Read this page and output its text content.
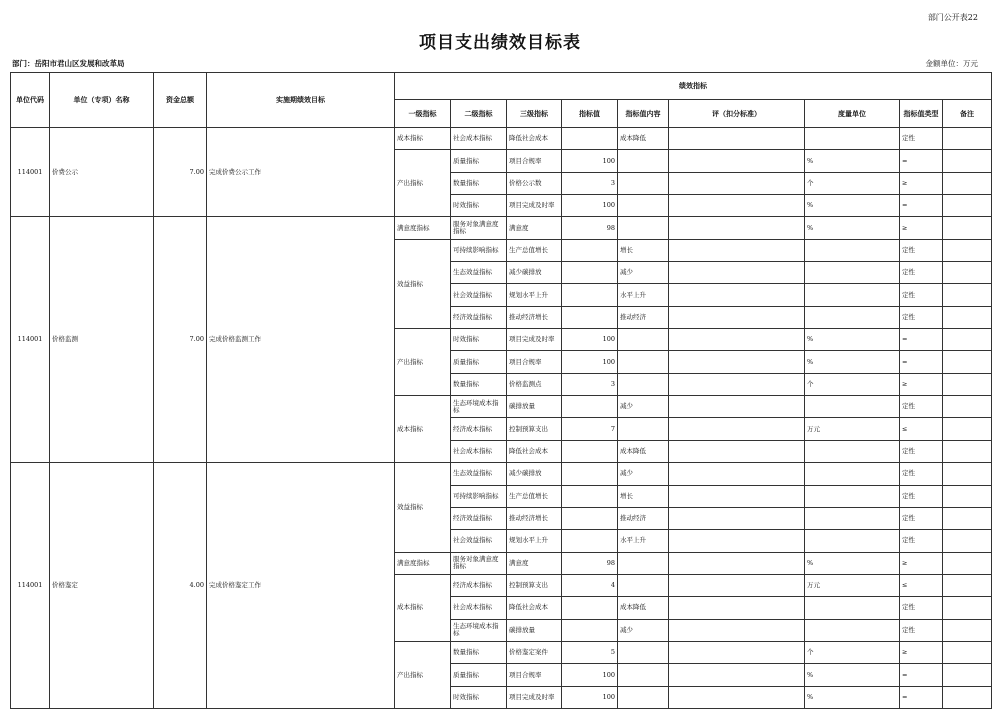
部门公开表22
项目支出绩效目标表
部门：岳阳市君山区发展和改革局	金额单位：万元
单位代码	单位（专项）名称	资金总额	实施期绩效目标	绩效指标								
				一级指标	二级指标	三级指标	指标值	指标值内容	评（扣分标准）	度量单位	指标值类型	备注
114001	价费公示	7.00	完成价费公示工作	成本指标	社会成本指标	降低社会成本		成本降低			定性	
				产出指标	质量指标	项目合规率	100			%	=	
					数量指标	价格公示数	3			个	≥	
					时效指标	项目完成及时率	100			%	=	
114001	价格监测	7.00	完成价格监测工作	满意度指标	服务对象满意度指标	满意度	98			%	≥	
				效益指标	可持续影响指标	生产总值增长		增长			定性	
					生态效益指标	减少碳排放		减少			定性	
					社会效益指标	规划水平上升		水平上升			定性	
					经济效益指标	推动经济增长		推动经济			定性	
				产出指标	时效指标	项目完成及时率	100			%	=	
					质量指标	项目合规率	100			%	=	
					数量指标	价格监测点	3			个	≥	
				成本指标	生态环境成本指标	碳排放量		减少			定性	
					经济成本指标	控制预算支出	7			万元	≤	
					社会成本指标	降低社会成本		成本降低			定性	
114001	价格鉴定	4.00	完成价格鉴定工作	效益指标	生态效益指标	减少碳排放		减少			定性	
					可持续影响指标	生产总值增长		增长			定性	
					经济效益指标	推动经济增长		推动经济			定性	
					社会效益指标	规划水平上升		水平上升			定性	
				满意度指标	服务对象满意度指标	满意度	98			%	≥	
				成本指标	经济成本指标	控制预算支出	4			万元	≤	
					社会成本指标	降低社会成本		成本降低			定性	
					生态环境成本指标	碳排放量		减少			定性	
				产出指标	数量指标	价格鉴定案件	5			个	≥	
					质量指标	项目合规率	100			%	=	
					时效指标	项目完成及时率	100			%	=	
